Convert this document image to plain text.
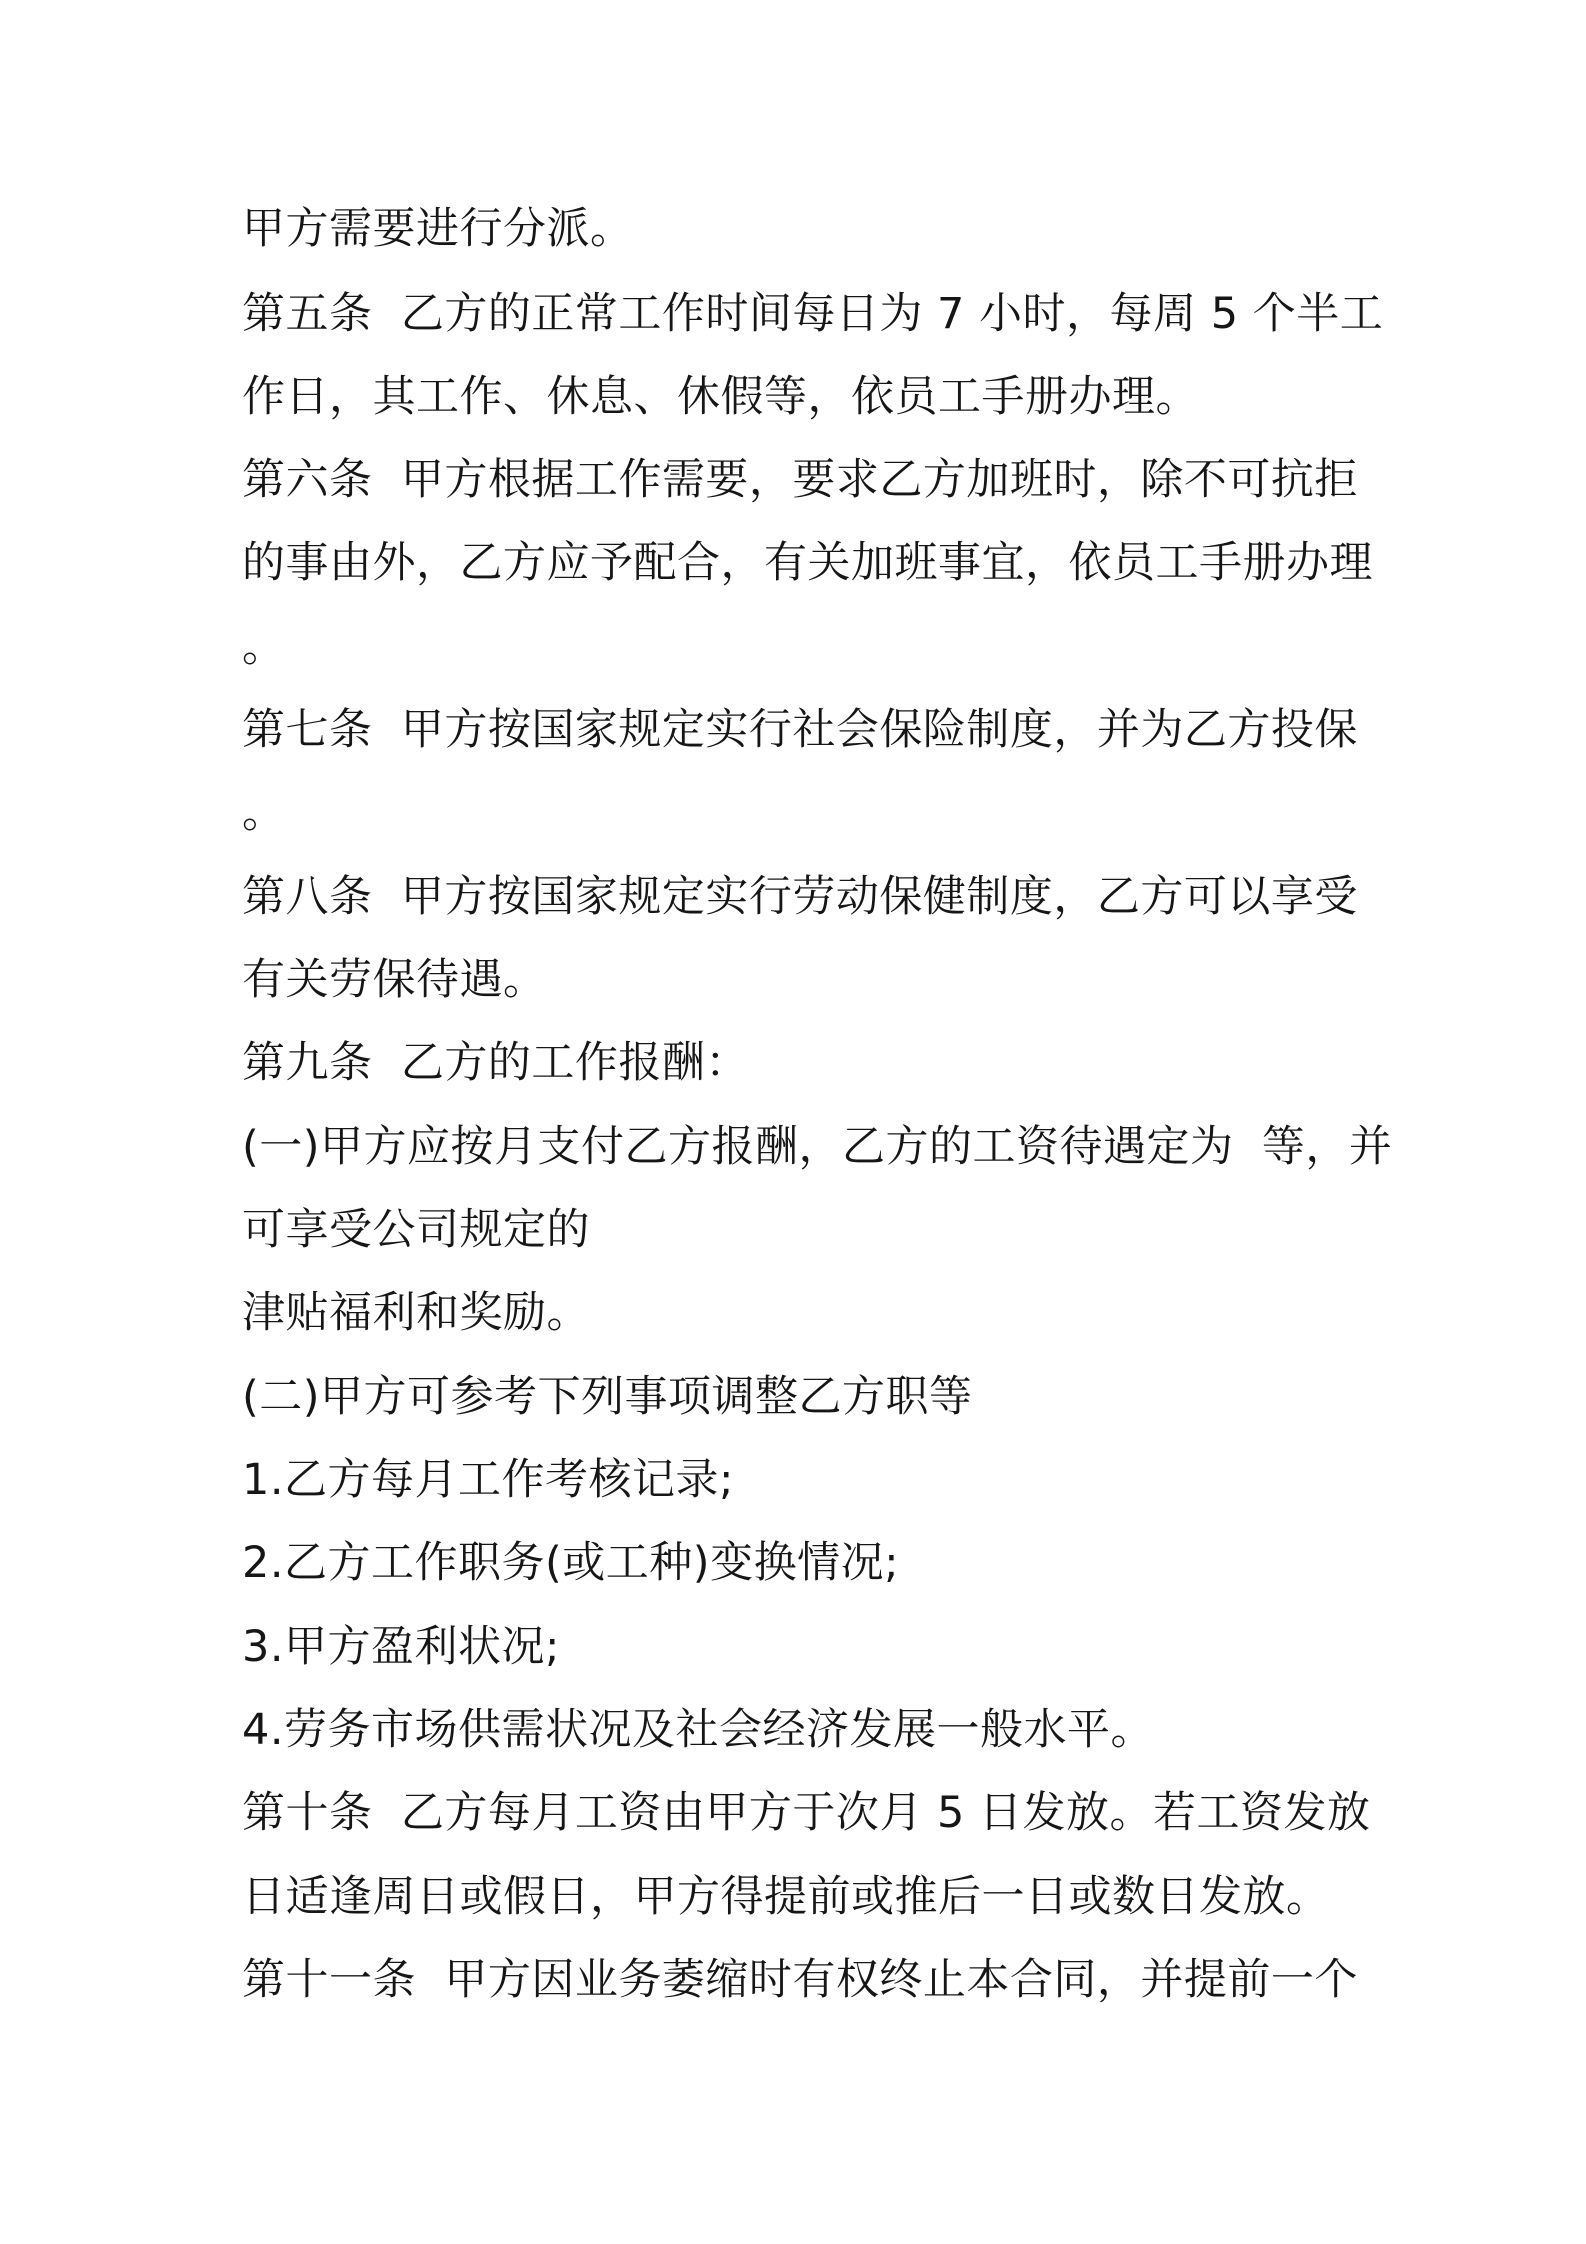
甲方需要进行分派。
第五条  乙方的正常工作时间每日为 7 小时，每周 5 个半工
作日，其工作、休息、休假等，依员工手册办理。
第六条  甲方根据工作需要，要求乙方加班时，除不可抗拒
的事由外，乙方应予配合，有关加班事宜，依员工手册办理
。
第七条  甲方按国家规定实行社会保险制度，并为乙方投保
。
第八条  甲方按国家规定实行劳动保健制度，乙方可以享受
有关劳保待遇。
第九条  乙方的工作报酬：
(一)甲方应按月支付乙方报酬，乙方的工资待遇定为  等，并
可享受公司规定的
津贴福利和奖励。
(二)甲方可参考下列事项调整乙方职等
1.乙方每月工作考核记录;
2.乙方工作职务(或工种)变换情况;
3.甲方盈利状况;
4.劳务市场供需状况及社会经济发展一般水平。
第十条  乙方每月工资由甲方于次月 5 日发放。若工资发放
日适逢周日或假日，甲方得提前或推后一日或数日发放。
第十一条  甲方因业务萎缩时有权终止本合同，并提前一个
